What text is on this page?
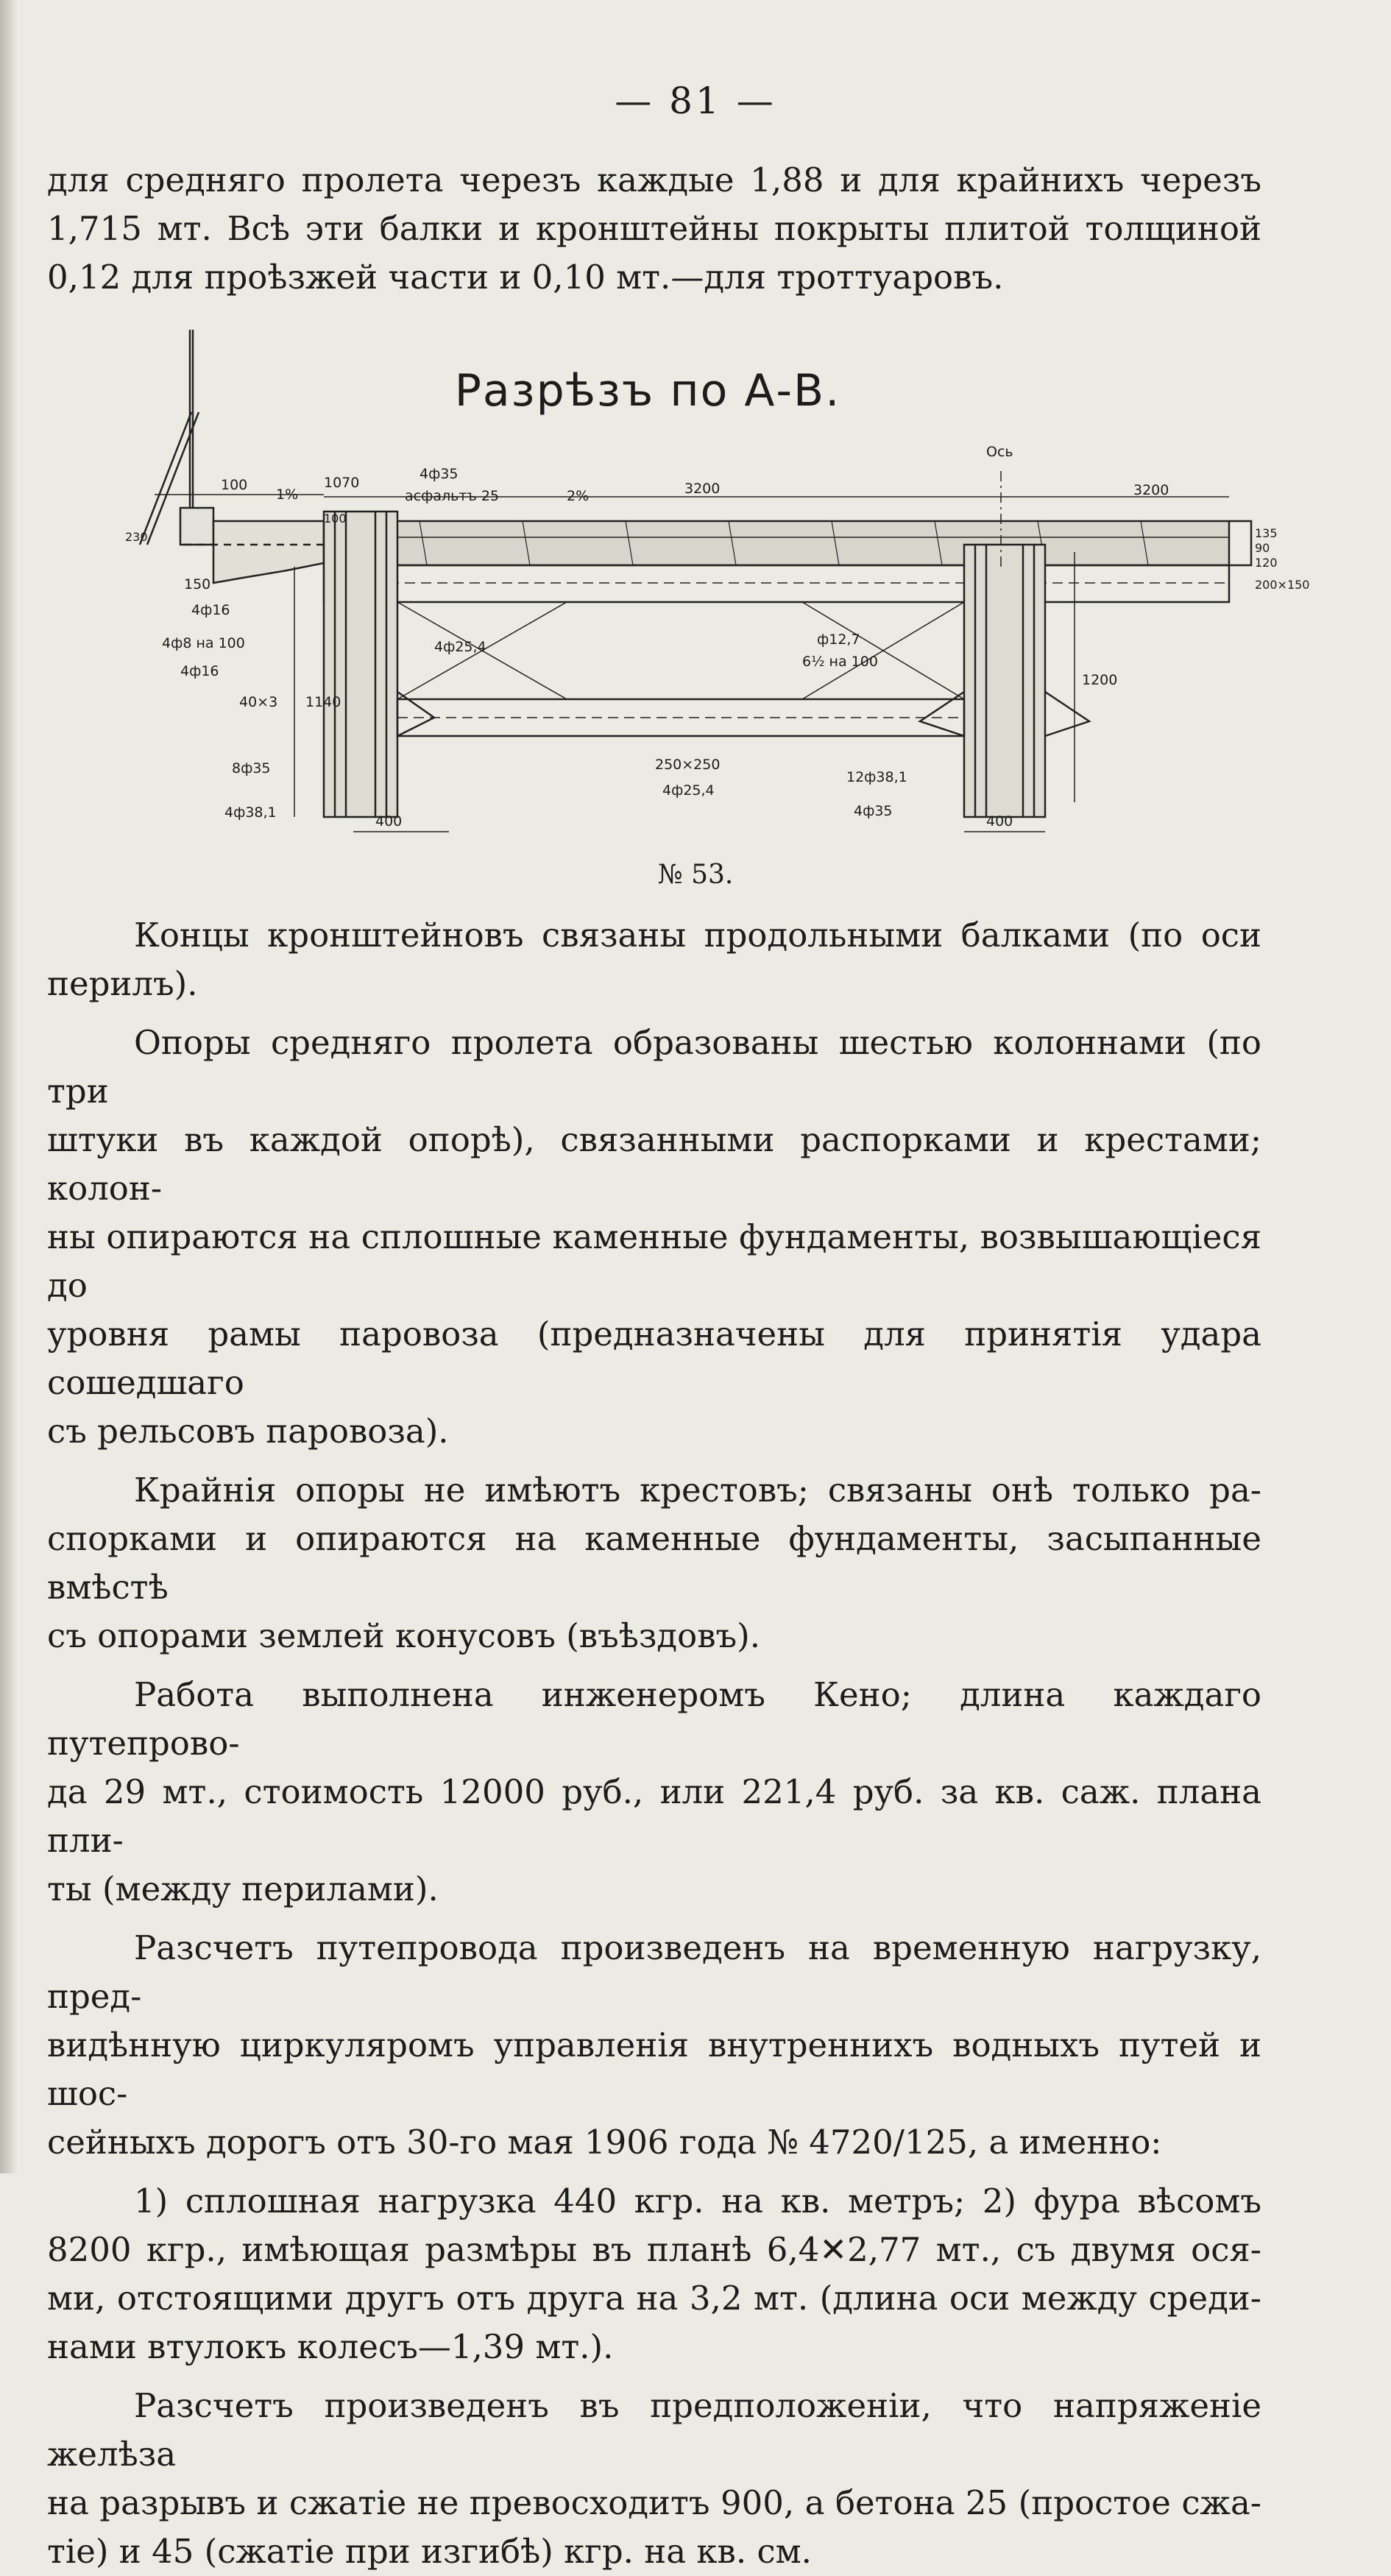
— 81 —
для средняго пролета черезъ каждые 1,88 и для крайнихъ черезъ
1,715 мт. Всѣ эти балки и кронштейны покрыты плитой толщиной
0,12 для проѣзжей части и 0,10 мт.—для троттуаровъ.
Разрѣзъ по А-В.
100	1070
1%
4ф35
асфальтъ 25	2%	3200
Ось
3200
230
100
135
90
120
200×150
150
4ф16
4ф8 на 100
4ф16
4ф25,4	ф12,7
6½ на 100
1200
1140
40×3
8ф35	250×250
4ф25,4
12ф38,1
4ф38,1
400
4ф35
400
№ 53.
Концы кронштейновъ связаны продольными балками (по оси
перилъ).
Опоры средняго пролета образованы шестью колоннами (по три
штуки въ каждой опорѣ), связанными распорками и крестами; колон-
ны опираются на сплошные каменные фундаменты, возвышающіеся до
уровня рамы паровоза (предназначены для принятія удара сошедшаго
съ рельсовъ паровоза).
Крайнія опоры не имѣютъ крестовъ; связаны онѣ только ра-
спорками и опираются на каменные фундаменты, засыпанные вмѣстѣ
съ опорами землей конусовъ (въѣздовъ).
Работа выполнена инженеромъ Кено; длина каждаго путепрово-
да 29 мт., стоимость 12000 руб., или 221,4 руб. за кв. саж. плана пли-
ты (между перилами).
Разсчетъ путепровода произведенъ на временную нагрузку, пред-
видѣнную циркуляромъ управленія внутреннихъ водныхъ путей и шос-
сейныхъ дорогъ отъ 30-го мая 1906 года № 4720/125, а именно:
1) сплошная нагрузка 440 кгр. на кв. метръ; 2) фура вѣсомъ
8200 кгр., имѣющая размѣры въ планѣ 6,4✕2,77 мт., съ двумя ося-
ми, отстоящими другъ отъ друга на 3,2 мт. (длина оси между среди-
нами втулокъ колесъ—1,39 мт.).
Разсчетъ произведенъ въ предположеніи, что напряженіе желѣза
на разрывъ и сжатіе не превосходитъ 900, а бетона 25 (простое сжа-
тіе) и 45 (сжатіе при изгибѣ) кгр. на кв. см.
